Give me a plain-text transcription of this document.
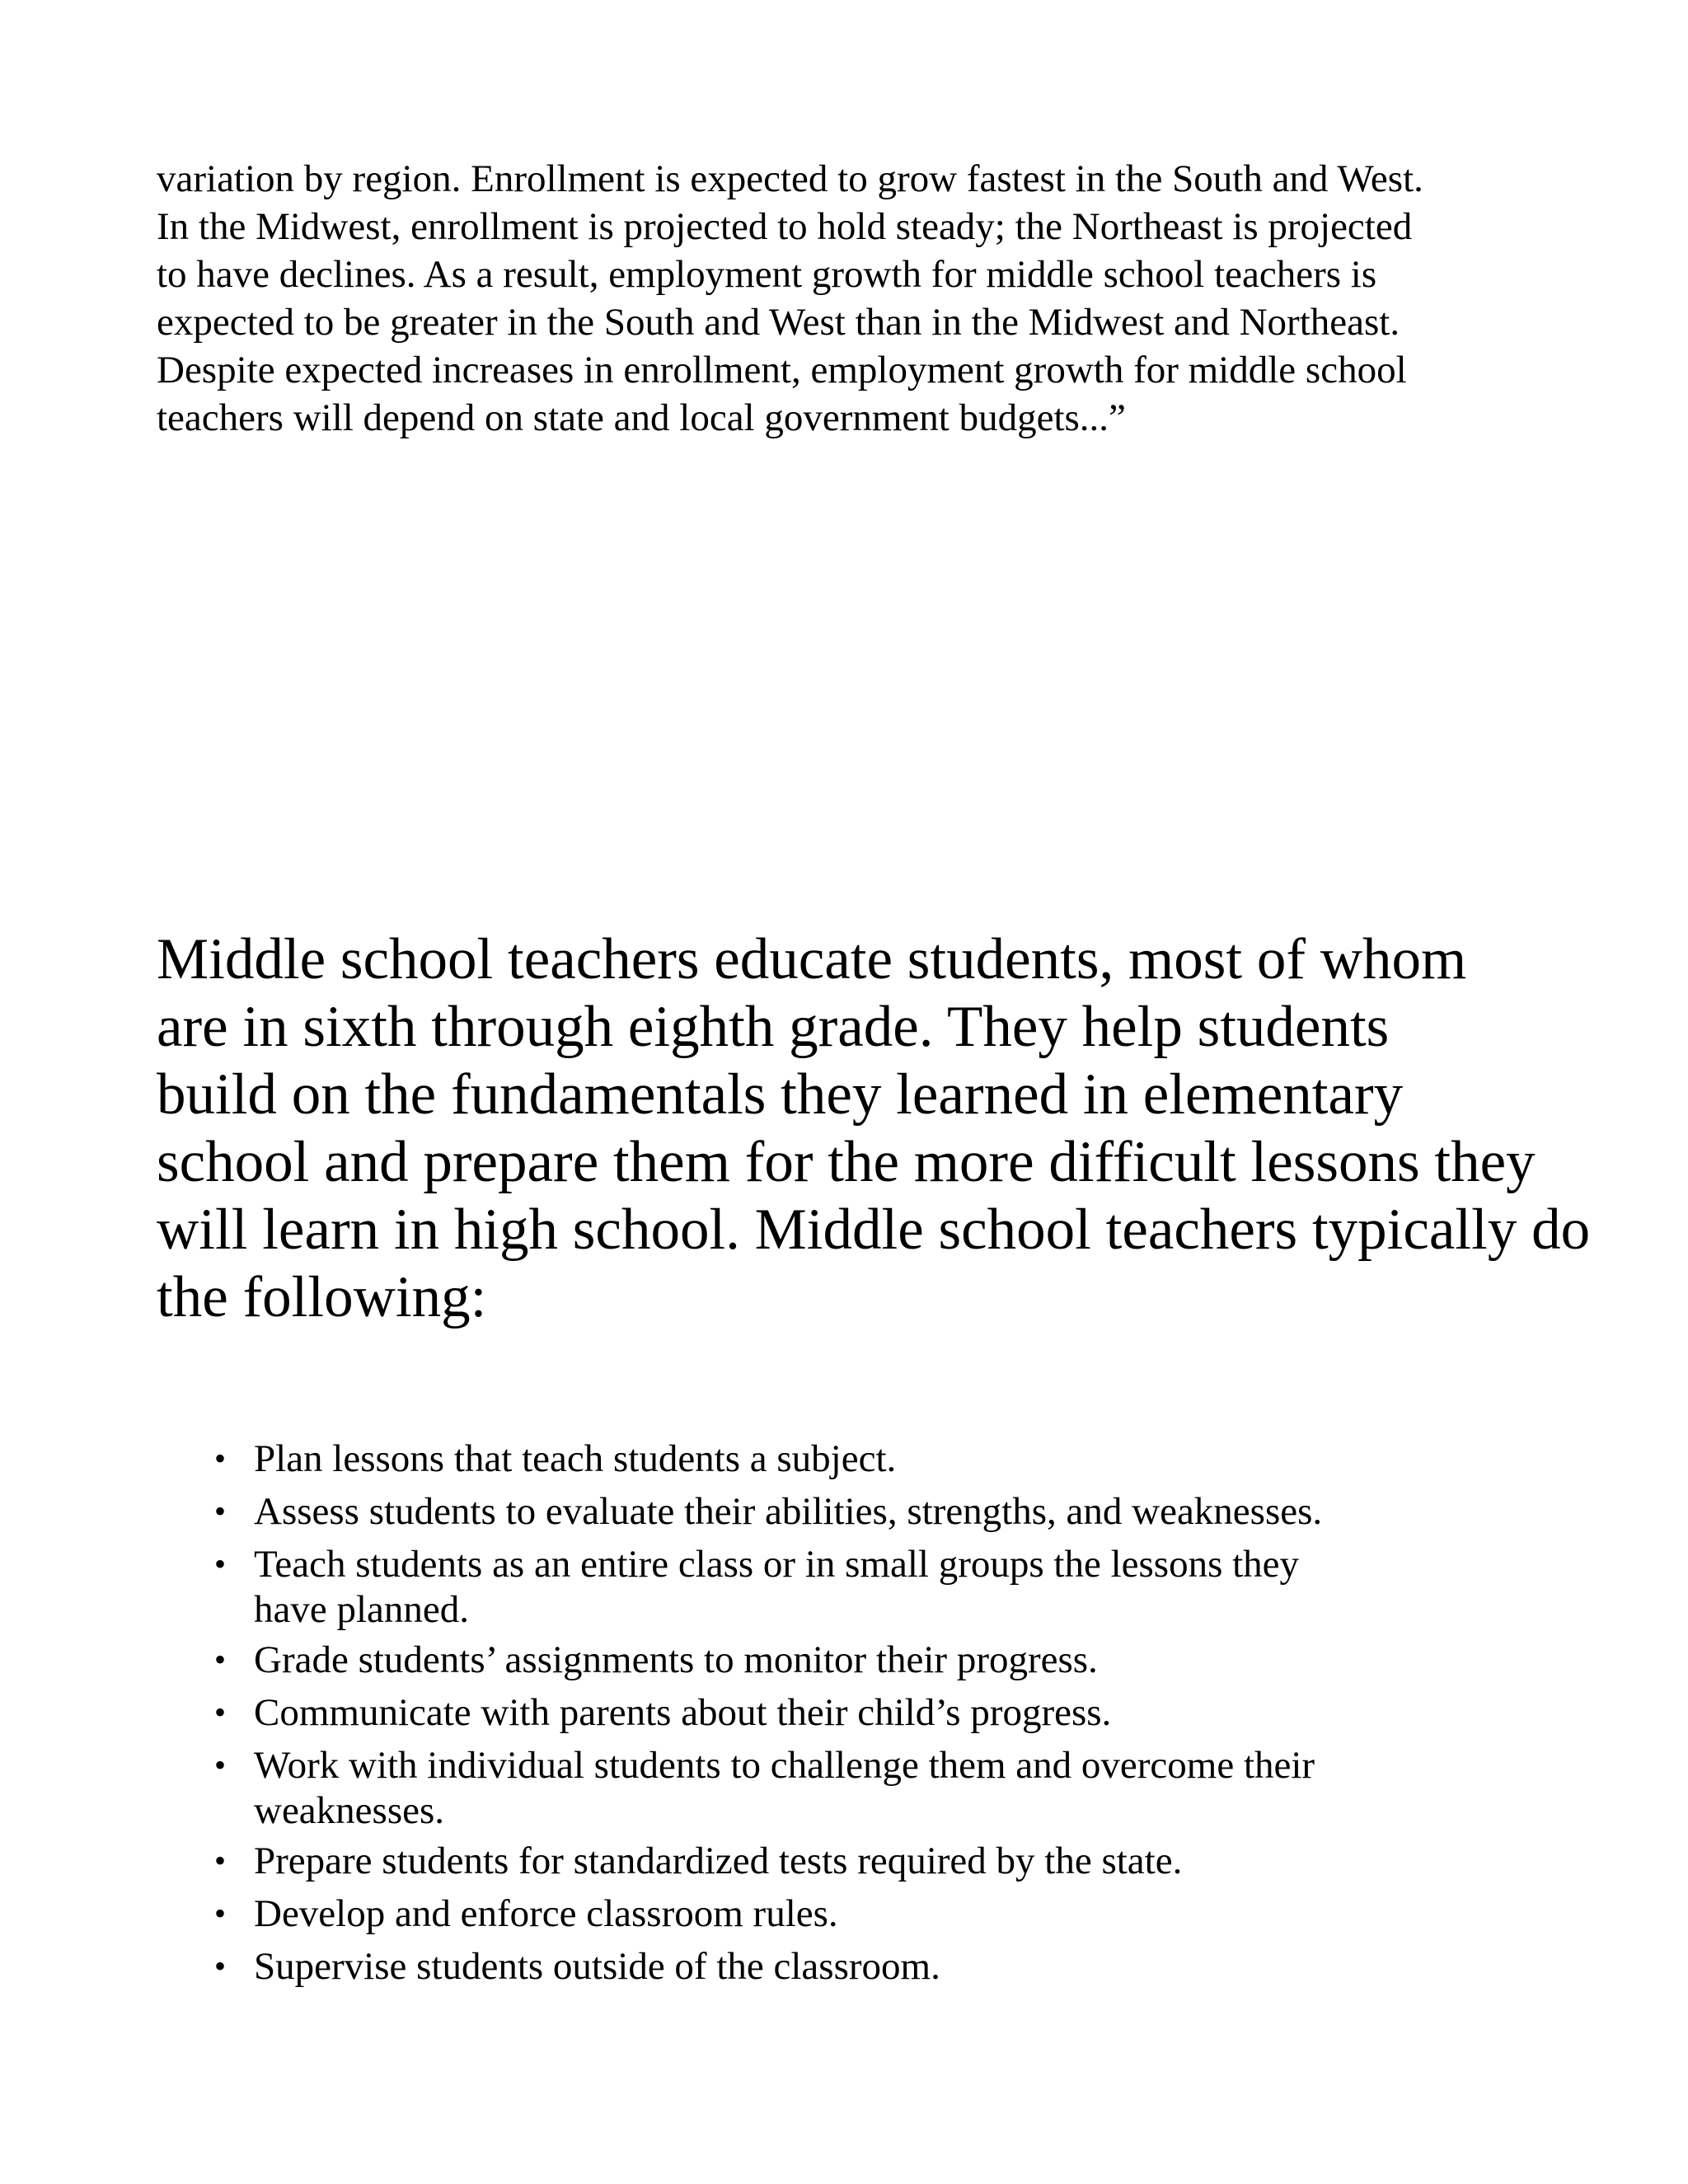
variation by region. Enrollment is expected to grow fastest in the South and West.
In the Midwest, enrollment is projected to hold steady; the Northeast is projected
to have declines. As a result, employment growth for middle school teachers is
expected to be greater in the South and West than in the Midwest and Northeast.
Despite expected increases in enrollment, employment growth for middle school
teachers will depend on state and local government budgets...”

Middle school teachers educate students, most of whom
are in sixth through eighth grade. They help students
build on the fundamentals they learned in elementary
school and prepare them for the more difficult lessons they
will learn in high school. Middle school teachers typically do
the following:

• Plan lessons that teach students a subject.
• Assess students to evaluate their abilities, strengths, and weaknesses.
• Teach students as an entire class or in small groups the lessons they
have planned.
• Grade students’ assignments to monitor their progress.
• Communicate with parents about their child’s progress.
• Work with individual students to challenge them and overcome their
weaknesses.
• Prepare students for standardized tests required by the state.
• Develop and enforce classroom rules.
• Supervise students outside of the classroom.
